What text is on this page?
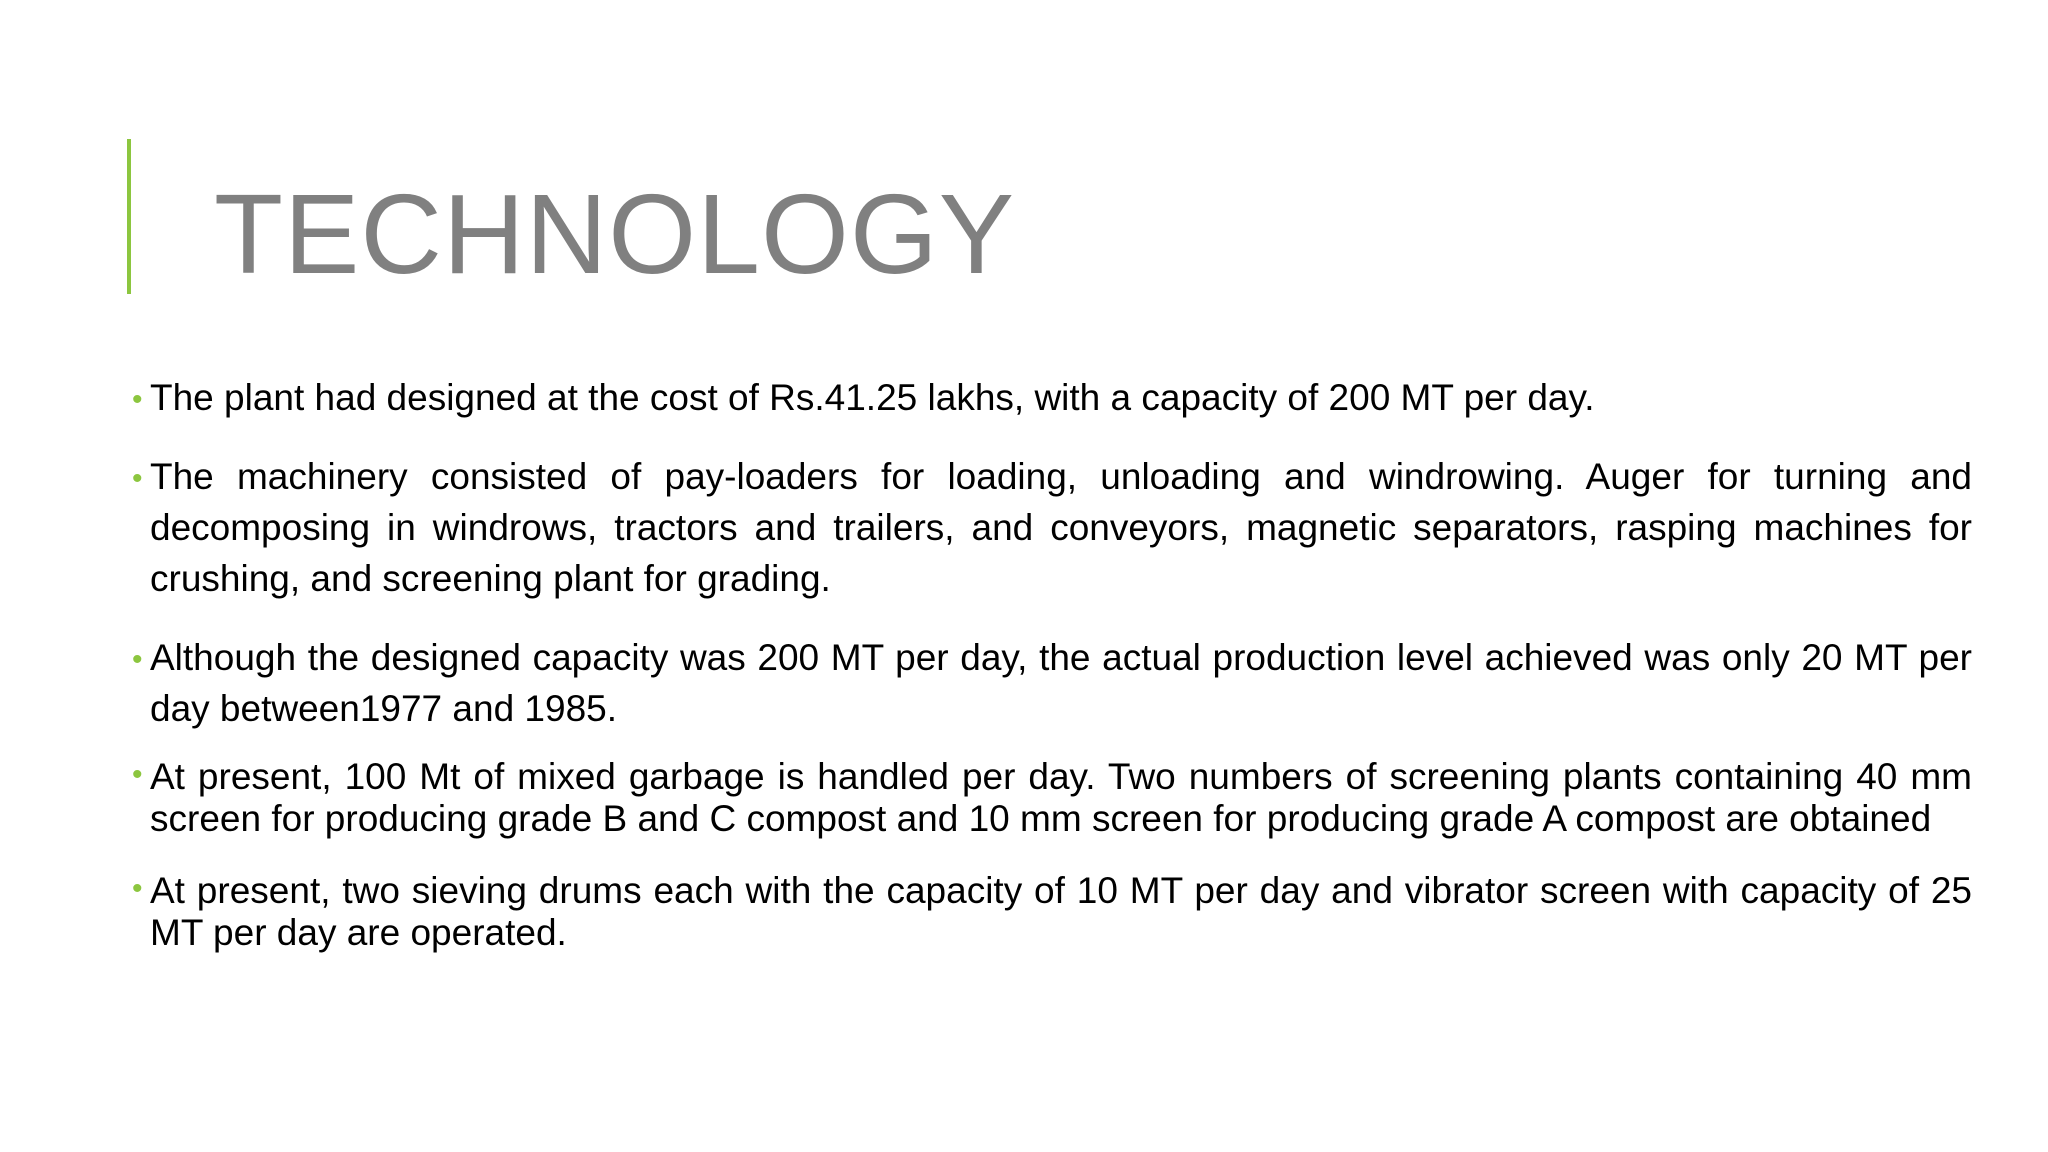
TECHNOLOGY
• The plant had designed at the cost of Rs.41.25 lakhs, with a capacity of 200 MT per day.
• The machinery consisted of pay-loaders for loading, unloading and windrowing. Auger for turning and decomposing in windrows, tractors and trailers, and conveyors, magnetic separators, rasping machines for crushing, and screening plant for grading.
• Although the designed capacity was 200 MT per day, the actual production level achieved was only 20 MT per day between1977 and 1985.
• At present, 100 Mt of mixed garbage is handled per day. Two numbers of screening plants containing 40 mm screen for producing grade B and C compost and 10 mm screen for producing grade A compost are obtained
• At present, two sieving drums each with the capacity of 10 MT per day and vibrator screen with capacity of 25 MT per day are operated.
